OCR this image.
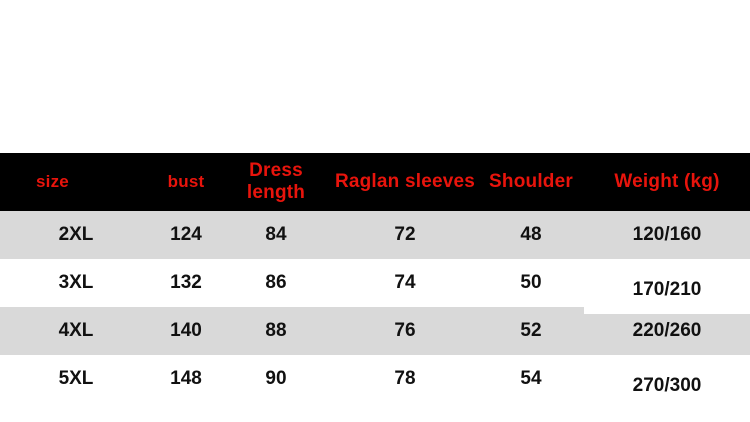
size	bust	Dress length	Raglan sleeves	Shoulder	Weight (kg)
2XL	124	84	72	48	120/160
3XL	132	86	74	50	170/210
4XL	140	88	76	52	220/260
5XL	148	90	78	54	270/300
